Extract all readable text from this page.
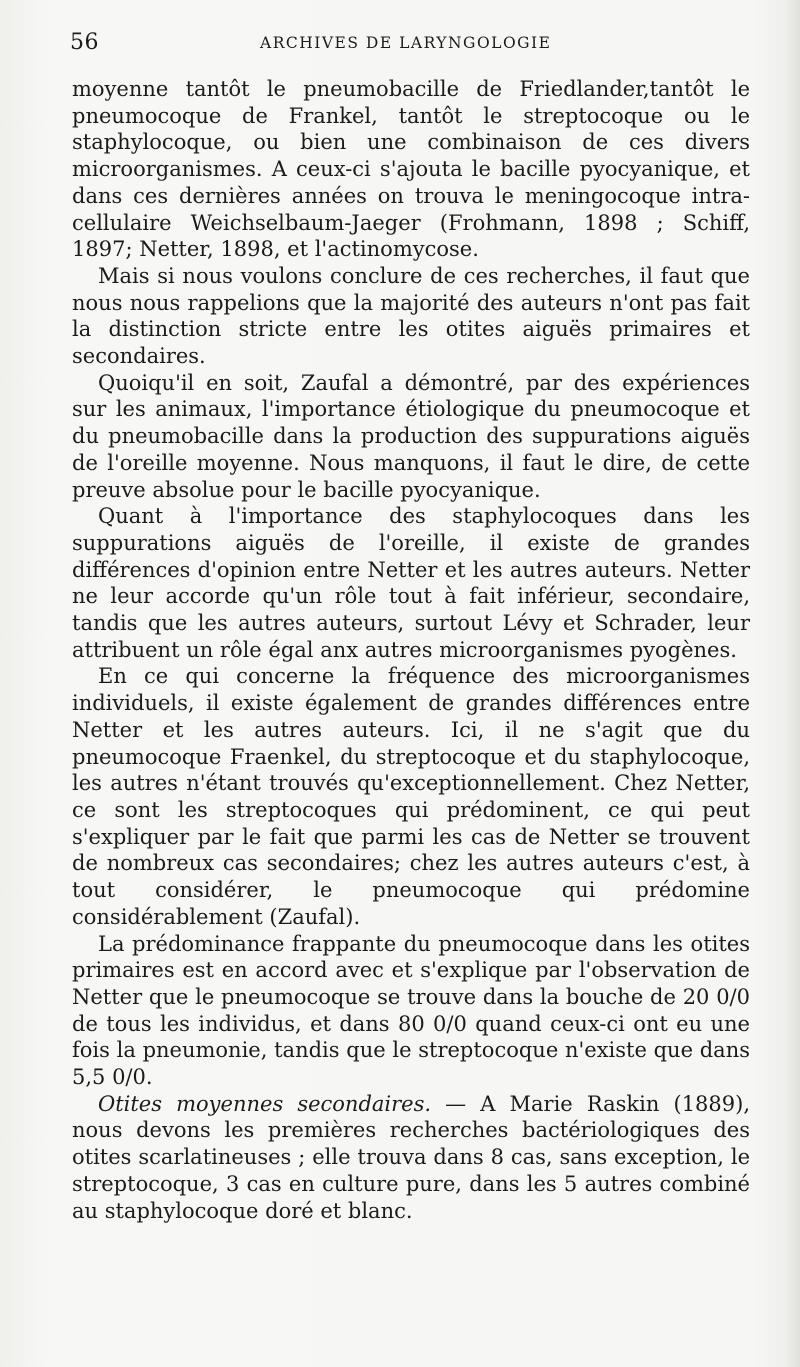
56	ARCHIVES DE LARYNGOLOGIE

moyenne tantôt le pneumobacille de Friedlander,tantôt le pneumocoque de Frankel, tantôt le streptocoque ou le staphylocoque, ou bien une combinaison de ces divers microorganismes. A ceux-ci s'ajouta le bacille pyocyanique, et dans ces dernières années on trouva le meningocoque intra-cellulaire Weichselbaum-Jaeger (Frohmann, 1898 ; Schiff, 1897; Netter, 1898, et l'actinomycose.

Mais si nous voulons conclure de ces recherches, il faut que nous nous rappelions que la majorité des auteurs n'ont pas fait la distinction stricte entre les otites aiguës primaires et secondaires.

Quoiqu'il en soit, Zaufal a démontré, par des expériences sur les animaux, l'importance étiologique du pneumocoque et du pneumobacille dans la production des suppurations aiguës de l'oreille moyenne. Nous manquons, il faut le dire, de cette preuve absolue pour le bacille pyocyanique.

Quant à l'importance des staphylocoques dans les suppurations aiguës de l'oreille, il existe de grandes différences d'opinion entre Netter et les autres auteurs. Netter ne leur accorde qu'un rôle tout à fait inférieur, secondaire, tandis que les autres auteurs, surtout Lévy et Schrader, leur attribuent un rôle égal anx autres microorganismes pyogènes.

En ce qui concerne la fréquence des microorganismes individuels, il existe également de grandes différences entre Netter et les autres auteurs. Ici, il ne s'agit que du pneumocoque Fraenkel, du streptocoque et du staphylocoque, les autres n'étant trouvés qu'exceptionnellement. Chez Netter, ce sont les streptocoques qui prédominent, ce qui peut s'expliquer par le fait que parmi les cas de Netter se trouvent de nombreux cas secondaires; chez les autres auteurs c'est, à tout considérer, le pneumocoque qui prédomine considérablement (Zaufal).

La prédominance frappante du pneumocoque dans les otites primaires est en accord avec et s'explique par l'observation de Netter que le pneumocoque se trouve dans la bouche de 20 0/0 de tous les individus, et dans 80 0/0 quand ceux-ci ont eu une fois la pneumonie, tandis que le streptocoque n'existe que dans 5,5 0/0.

Otites moyennes secondaires. — A Marie Raskin (1889), nous devons les premières recherches bactériologiques des otites scarlatineuses ; elle trouva dans 8 cas, sans exception, le streptocoque, 3 cas en culture pure, dans les 5 autres combiné au staphylocoque doré et blanc.
